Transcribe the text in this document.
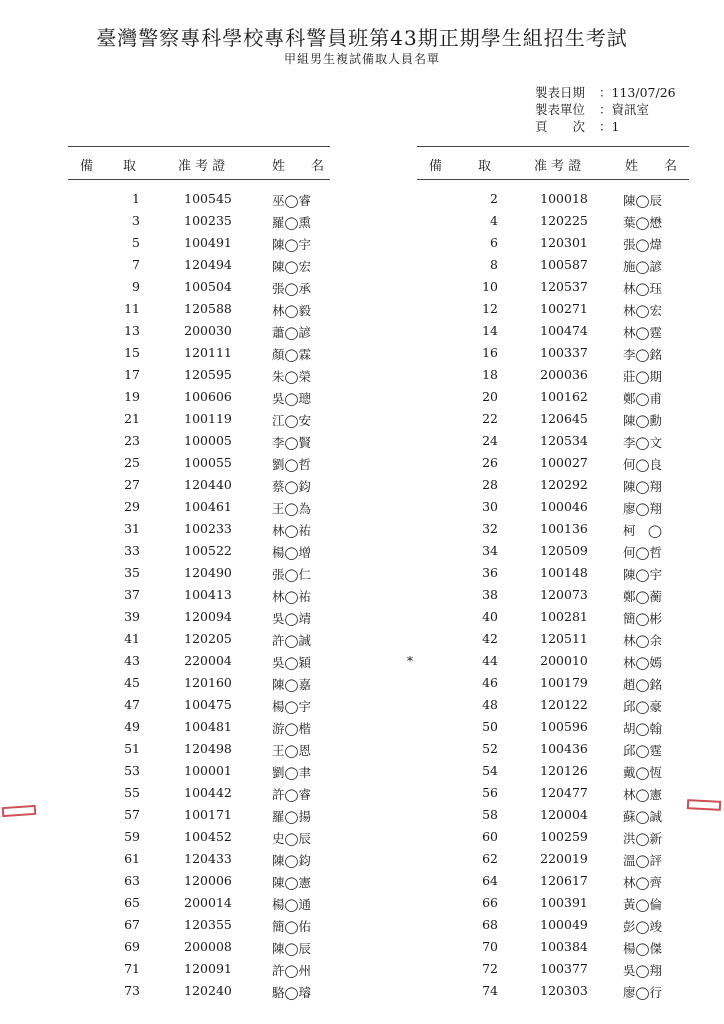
臺灣警察專科學校專科警員班第43期正期學生組招生考試
甲組男生複試備取人員名單
製表日期 ：113/07/26
製表單位 ：資訊室
頁　　次 ：1
備 取	准 考 證	姓　　名
1	100545	巫◯睿
3	100235	羅◯熏
5	100491	陳◯宇
7	120494	陳◯宏
9	100504	張◯承
11	120588	林◯毅
13	200030	蕭◯諺
15	120111	顏◯霖
17	120595	朱◯榮
19	100606	吳◯璁
21	100119	江◯安
23	100005	李◯賢
25	100055	劉◯哲
27	120440	蔡◯鈞
29	100461	王◯為
31	100233	林◯祐
33	100522	楊◯增
35	120490	張◯仁
37	100413	林◯祐
39	120094	吳◯靖
41	120205	許◯誠
43	220004	吳◯穎
45	120160	陳◯嘉
47	100475	楊◯宇
49	100481	游◯楷
51	120498	王◯恩
53	100001	劉◯聿
55	100442	許◯睿
57	100171	羅◯揚
59	100452	史◯辰
61	120433	陳◯鈞
63	120006	陳◯憲
65	200014	楊◯通
67	120355	簡◯佑
69	200008	陳◯辰
71	120091	許◯州
73	120240	駱◯璿
備	取	准 考 證	姓　　名
2	100018	陳◯辰
4	120225	葉◯懋
6	120301	張◯煒
8	100587	施◯諺
10	120537	林◯珏
12	100271	林◯宏
14	100474	林◯霆
16	100337	李◯銘
18	200036	莊◯期
20	100162	鄭◯甫
22	120645	陳◯勳
24	120534	李◯文
26	100027	何◯良
28	120292	陳◯翔
30	100046	廖◯翔
32	100136	柯　◯
34	120509	何◯哲
36	100148	陳◯宇
38	120073	鄭◯蘅
40	100281	簡◯彬
42	120511	林◯余
*	44	200010	林◯嫣
46	100179	趙◯銘
48	120122	邱◯豪
50	100596	胡◯翰
52	100436	邱◯霆
54	120126	戴◯恆
56	120477	林◯憲
58	120004	蘇◯誠
60	100259	洪◯新
62	220019	溫◯評
64	120617	林◯齊
66	100391	黃◯倫
68	100049	彭◯竣
70	100384	楊◯傑
72	100377	吳◯翔
74	120303	廖◯行
